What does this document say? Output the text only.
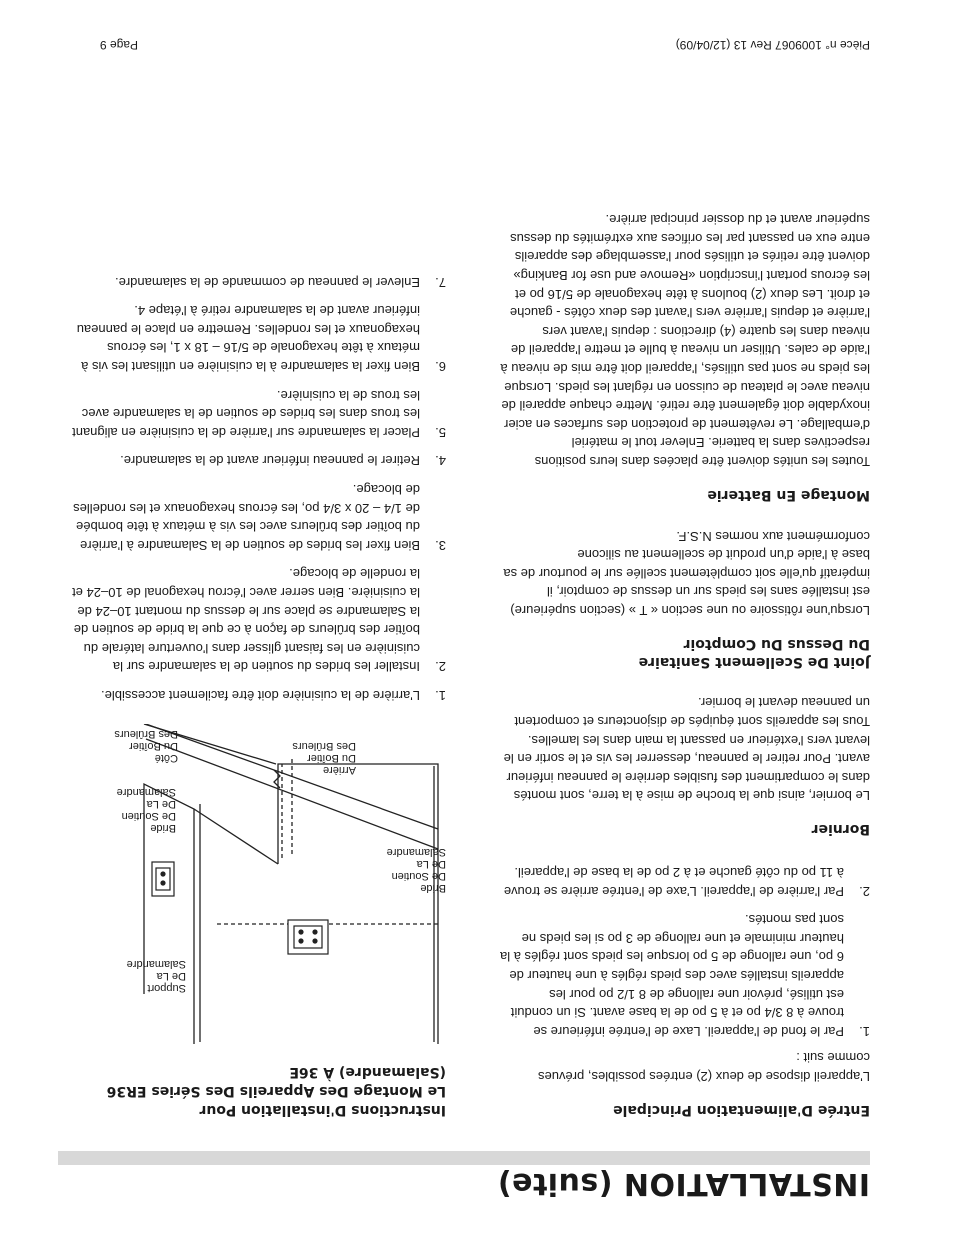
INSTALLATION (suite)
Entrée D'alimentation Principale

L'appareil dispose de deux (2) entrées possibles, prévues comme suit :

1.
Par le fond de l'appareil. Laxe de l'entrée inférieure se trouve à 8 3/4 po et à 5 po de la base avant. Si un conduit est utilisé, prévoir une rallonge de 8 1/2 po pour les appareils installés avec des pieds réglés à une hauteur de 6 po, une rallonge de 5 po lorsque les pieds sont réglés à la hauteur minimale et une rallonge de 3 po si les pieds ne sont pas montés.
2.
Par l'arrière de l'appareil. L'axe de l'entrée arrière se trouve à 11 po du côté gauche et à 2 po de la base de l'appareil.
Bornier

Le bornier, ainsi que la broche de mise à la terre, sont montés dans le compartiment des fusibles derrière le panneau inférieur avant. Pour retirer le panneau, desserrer les vis et le sortir en le levant vers l'extérieur en passant la main dans les lamelles. Tous les appareils sont équipés de disjoncteurs et comportent un panneau devant le bornier.

Joint De Scellement Sanitaire
Du Dessus Du Comptoir

Lorsqu'une rôtissoire ou une section « T » (section supérieure) est installée sans les pieds sur un dessus de comptoir, il impératif qu'elle soit complètement scellée sur le pourtour de sa base à l'aide d'un produit de scellement au silicone conformément aux normes N.S.F.

Montage En Batterie

Toutes les unités doivent être placées dans leurs positions respectives dans la batterie. Enlever tout le matériel d'emballage. Le revêtement de protection des surfaces en acier inoxydable doit également être retiré. Mettre chaque appareil de niveau avec le plateau de cuisson en réglant les pieds. Lorsque les pieds ne sont pas utilisés, l'appareil doit être mis de niveau à l'aide de cales. Utiliser un niveau à bulle et mettre l'appareil de niveau dans les quatre (4) directions : depuis l'avant vers l'arrière et depuis l'arrière vers l'avant des deux côtés - gauche et droit. Les deux (2) boulons à tête hexagonale de 5/16 po et les écrous portant l'inscription «Remove and use for Banking» doivent être retirés et utilisés pour l'assemblage des appareils entre eux en passant par les orifices aux extrémités du dessus supérieur avant et du dossier principal arrière.

Instructions D'installation Pour
Le Montage Des Appareils Des Séries ER36
(Salamandre) À 36E
Support
De La
Salamandre
Bride
De Soutien
De La
Salamandre
Bride
De Soutien
De La
Salamandre
Côté
Du Boîtier
Des Brûleurs
Arrière
Du Boîtier
Des Brûleurs
1.
L'arrière de la cuisinière doit être facilement accessible.
2.
Installer les brides du soutien de la salamandre sur la cuisinière en les faisant glisser dans l'ouverture latérale du boîtier des brûleurs de façon à ce que la bride de soutien de la Salamandre se place sur le dessus du montant 10–24 de la cuisinière. Bien serrer avec l'écrou hexagonal de 10–24 et la rondelle de blocage.
3.
Bien fixer les brides de soutien de la Salamandre à l'arrière du boîtier des brûleurs avec les vis à métaux à tête bombée de 1/4 – 20 x 3/4 po, les écrous hexagonaux et les rondelles de blocage.
4.
Retirer le panneau inférieur avant de la salamandre.
5.
Placer la salamandre sur l'arrière de la cuisinière en alignant les trous dans les brides de soutien de la salamandre avec les trous de la cuisinière.
6.
Bien fixer la salamandre à la cuisinière en utilisant les vis à métaux à tête hexagonale de 5/16 – 18 x 1, les écrous hexagonaux et les rondelles. Remettre en place le panneau inférieur avant de la salamandre retiré à l'étape 4.
7.
Enlever le panneau de commande de la salamandre.

Pièce n° 1009067 Rev 13 (12/04/09)

Page 9
